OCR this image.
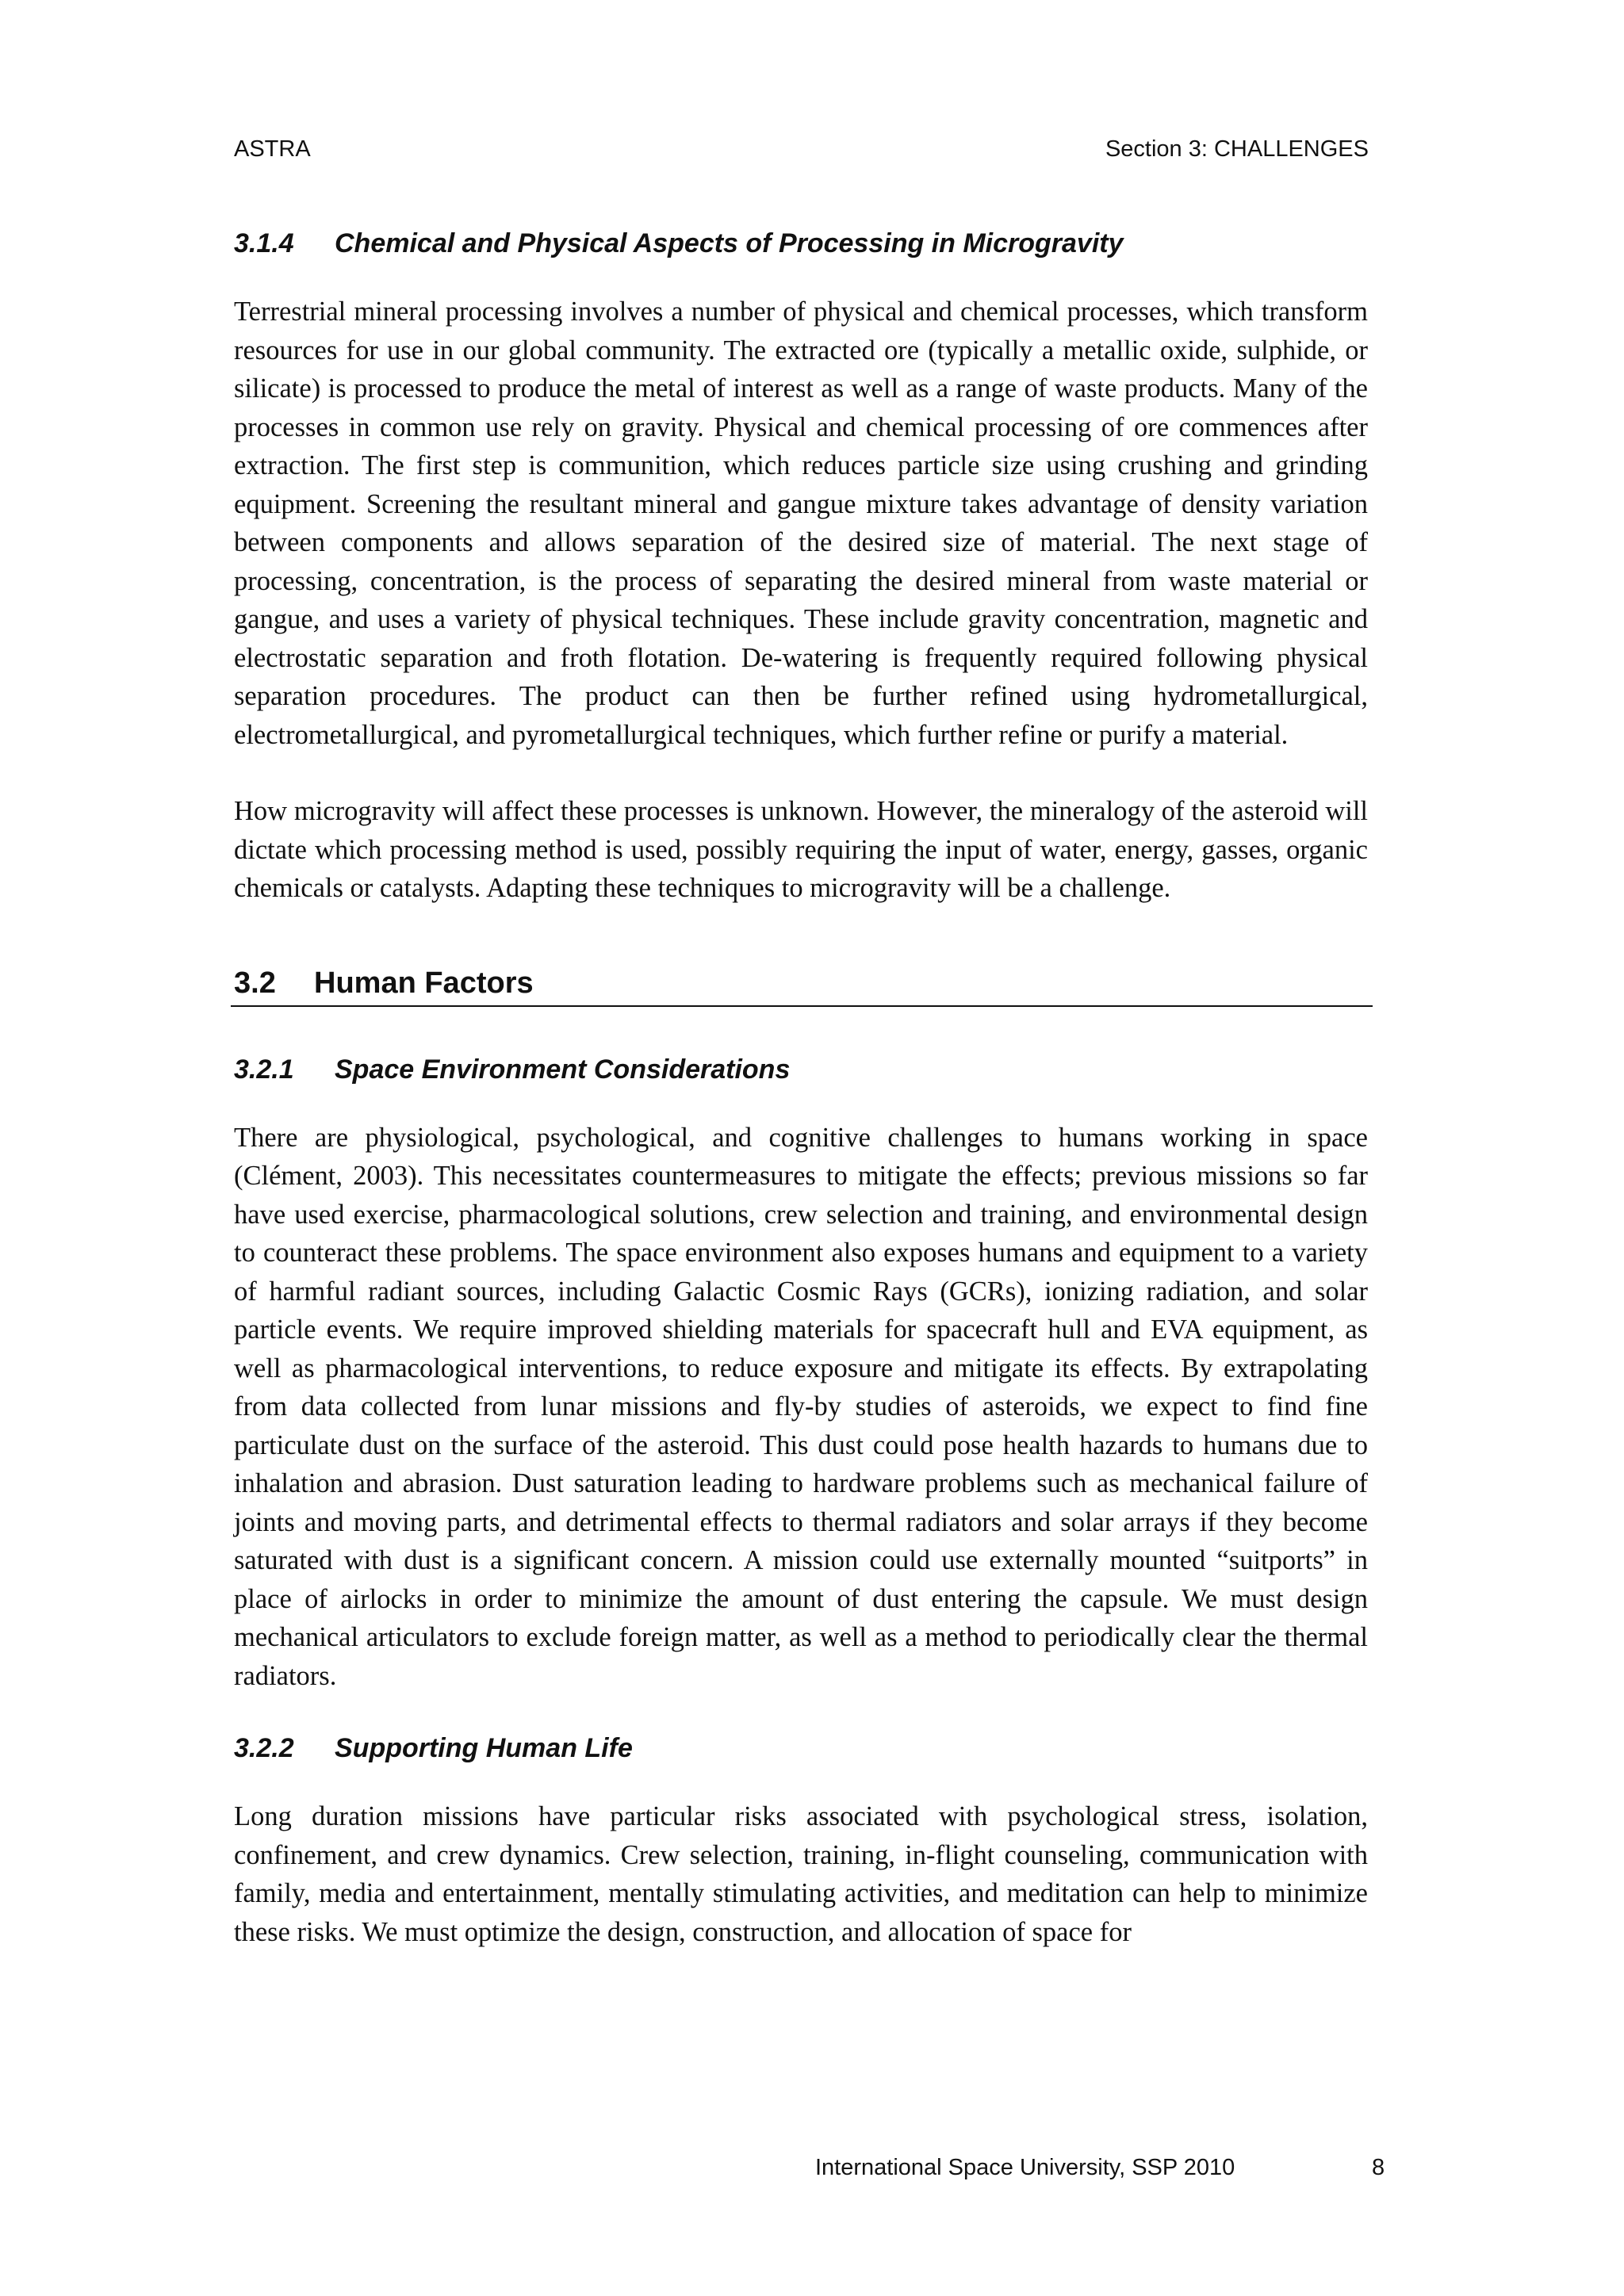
ASTRA	Section 3: CHALLENGES
3.1.4	Chemical and Physical Aspects of Processing in Microgravity

Terrestrial mineral processing involves a number of physical and chemical processes, which transform resources for use in our global community. The extracted ore (typically a metallic oxide, sulphide, or silicate) is processed to produce the metal of interest as well as a range of waste products. Many of the processes in common use rely on gravity. Physical and chemical processing of ore commences after extraction. The first step is communition, which reduces particle size using crushing and grinding equipment. Screening the resultant mineral and gangue mixture takes advantage of density variation between components and allows separation of the desired size of material. The next stage of processing, concentration, is the process of separating the desired mineral from waste material or gangue, and uses a variety of physical techniques. These include gravity concentration, magnetic and electrostatic separation and froth flotation. De-watering is frequently required following physical separation procedures. The product can then be further refined using hydrometallurgical, electrometallurgical, and pyrometallurgical techniques, which further refine or purify a material.

How microgravity will affect these processes is unknown. However, the mineralogy of the asteroid will dictate which processing method is used, possibly requiring the input of water, energy, gasses, organic chemicals or catalysts. Adapting these techniques to microgravity will be a challenge.

3.2	Human Factors
3.2.1	Space Environment Considerations

There are physiological, psychological, and cognitive challenges to humans working in space (Clément, 2003). This necessitates countermeasures to mitigate the effects; previous missions so far have used exercise, pharmacological solutions, crew selection and training, and environmental design to counteract these problems. The space environment also exposes humans and equipment to a variety of harmful radiant sources, including Galactic Cosmic Rays (GCRs), ionizing radiation, and solar particle events. We require improved shielding materials for spacecraft hull and EVA equipment, as well as pharmacological interventions, to reduce exposure and mitigate its effects. By extrapolating from data collected from lunar missions and fly-by studies of asteroids, we expect to find fine particulate dust on the surface of the asteroid. This dust could pose health hazards to humans due to inhalation and abrasion. Dust saturation leading to hardware problems such as mechanical failure of joints and moving parts, and detrimental effects to thermal radiators and solar arrays if they become saturated with dust is a significant concern. A mission could use externally mounted “suitports” in place of airlocks in order to minimize the amount of dust entering the capsule. We must design mechanical articulators to exclude foreign matter, as well as a method to periodically clear the thermal radiators.

3.2.2	Supporting Human Life

Long duration missions have particular risks associated with psychological stress, isolation, confinement, and crew dynamics. Crew selection, training, in-flight counseling, communication with family, media and entertainment, mentally stimulating activities, and meditation can help to minimize these risks. We must optimize the design, construction, and allocation of space for

International Space University, SSP 2010	8
